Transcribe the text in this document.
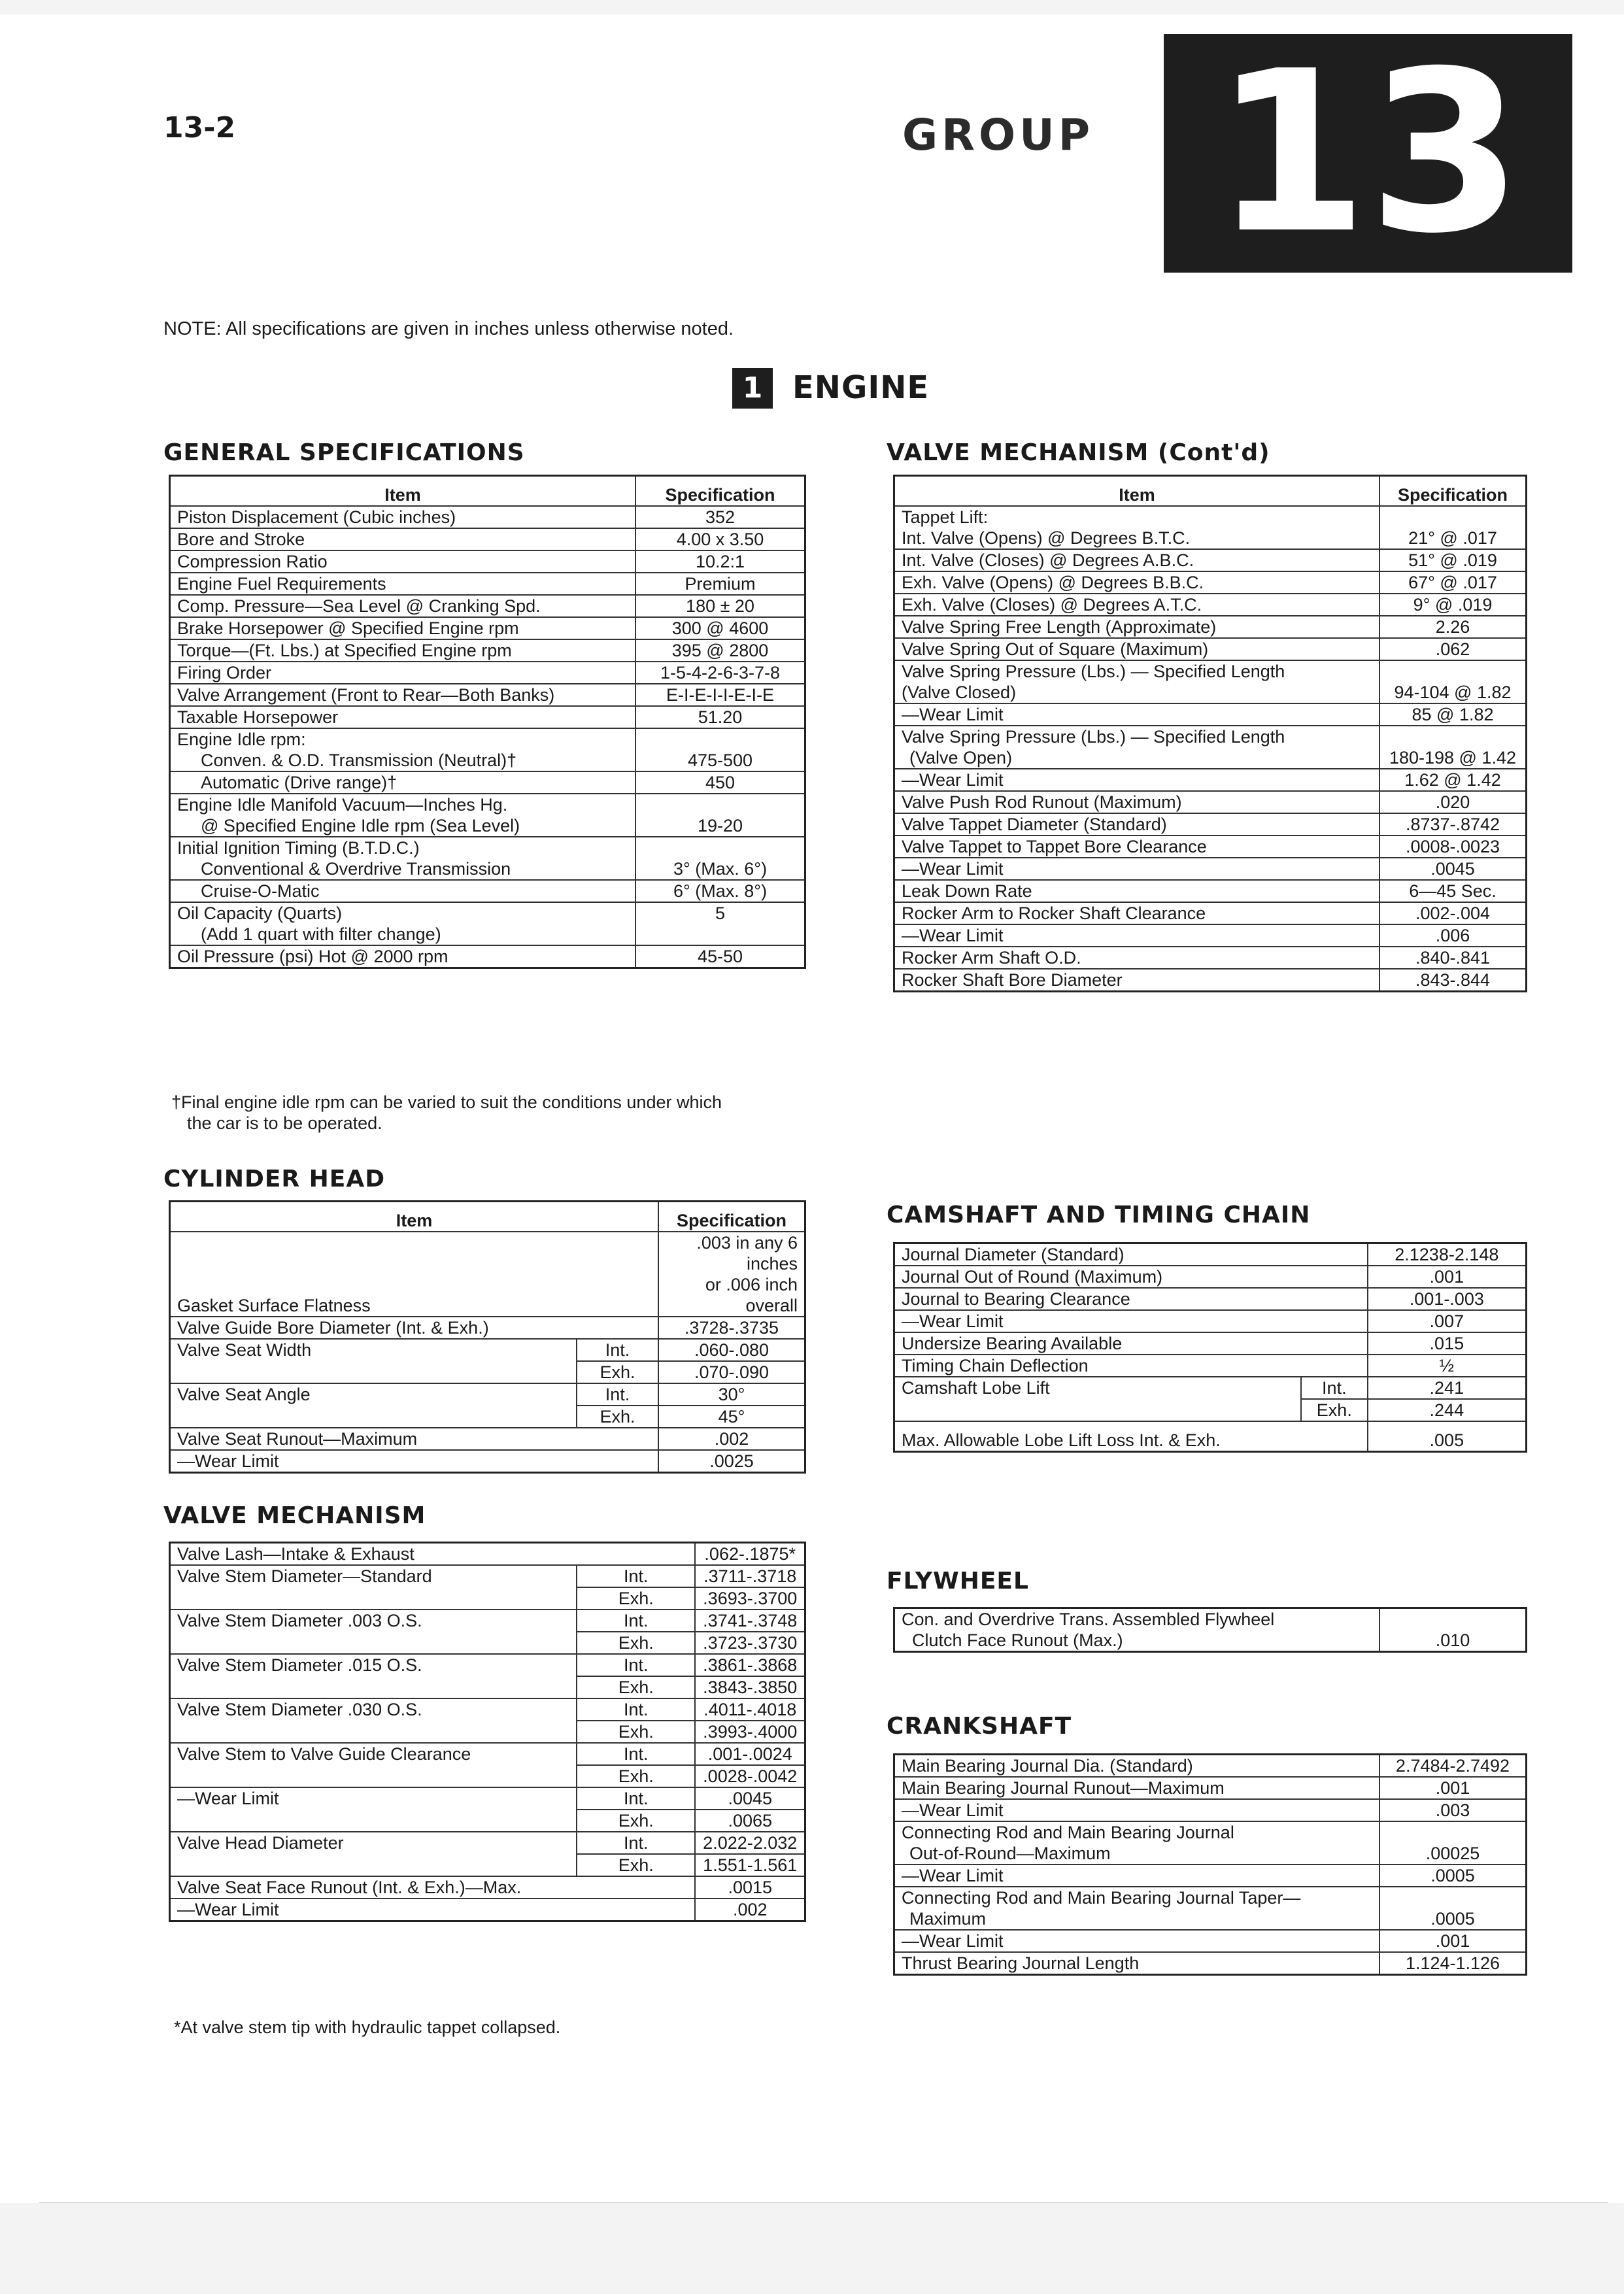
13-2	GROUP 13
NOTE: All specifications are given in inches unless otherwise noted.
1 ENGINE
GENERAL SPECIFICATIONS
Item	Specification
Piston Displacement (Cubic inches)	352
Bore and Stroke	4.00 x 3.50
Compression Ratio	10.2:1
Engine Fuel Requirements	Premium
Comp. Pressure—Sea Level @ Cranking Spd.	180 ± 20
Brake Horsepower @ Specified Engine rpm	300 @ 4600
Torque—(Ft. Lbs.) at Specified Engine rpm	395 @ 2800
Firing Order	1-5-4-2-6-3-7-8
Valve Arrangement (Front to Rear—Both Banks)	E-I-E-I-I-E-I-E
Taxable Horsepower	51.20

Engine Idle rpm:
Conven. & O.D. Transmission (Neutral)†	475-500
Automatic (Drive range)†	450

Engine Idle Manifold Vacuum—Inches Hg.
@ Specified Engine Idle rpm (Sea Level)	19-20

Initial Ignition Timing (B.T.D.C.)
Conventional & Overdrive Transmission	3° (Max. 6°)
Cruise-O-Matic	6° (Max. 8°)

Oil Capacity (Quarts)
(Add 1 quart with filter change)	5
Oil Pressure (psi) Hot @ 2000 rpm	45-50
†Final engine idle rpm can be varied to suit the conditions under which
the car is to be operated.
CYLINDER HEAD
Item		Specification
Gasket Surface Flatness		.003 in any 6 inches
or .006 inch overall

Valve Guide Bore Diameter (Int. & Exh.)		.3728-.3735
Valve Seat Width	Int.	.060-.080
	Exh.	.070-.090
Valve Seat Angle	Int.	30°
	Exh.	45°
Valve Seat Runout—Maximum		.002
—Wear Limit		.0025
VALVE MECHANISM
Valve Lash—Intake & Exhaust		.062-.1875*
Valve Stem Diameter—Standard	Int.	.3711-.3718
	Exh.	.3693-.3700
Valve Stem Diameter .003 O.S.	Int.	.3741-.3748
	Exh.	.3723-.3730
Valve Stem Diameter .015 O.S.	Int.	.3861-.3868
	Exh.	.3843-.3850
Valve Stem Diameter .030 O.S.	Int.	.4011-.4018
	Exh.	.3993-.4000
Valve Stem to Valve Guide Clearance	Int.	.001-.0024
	Exh.	.0028-.0042
—Wear Limit	Int.	.0045
	Exh.	.0065
Valve Head Diameter	Int.	2.022-2.032
	Exh.	1.551-1.561
Valve Seat Face Runout (Int. & Exh.)—Max.		.0015
—Wear Limit		.002
*At valve stem tip with hydraulic tappet collapsed.
VALVE MECHANISM (Cont'd)
Item	Specification

Tappet Lift:
Int. Valve (Opens) @ Degrees B.T.C.	21° @ .017
Int. Valve (Closes) @ Degrees A.B.C.	51° @ .019
Exh. Valve (Opens) @ Degrees B.B.C.	67° @ .017
Exh. Valve (Closes) @ Degrees A.T.C.	9° @ .019
Valve Spring Free Length (Approximate)	2.26
Valve Spring Out of Square (Maximum)	.062

Valve Spring Pressure (Lbs.) — Specified Length
(Valve Closed)	94-104 @ 1.82
—Wear Limit	85 @ 1.82

Valve Spring Pressure (Lbs.) — Specified Length
(Valve Open)	180-198 @ 1.42
—Wear Limit	1.62 @ 1.42
Valve Push Rod Runout (Maximum)	.020
Valve Tappet Diameter (Standard)	.8737-.8742
Valve Tappet to Tappet Bore Clearance	.0008-.0023
—Wear Limit	.0045
Leak Down Rate	6—45 Sec.
Rocker Arm to Rocker Shaft Clearance	.002-.004
—Wear Limit	.006
Rocker Arm Shaft O.D.	.840-.841
Rocker Shaft Bore Diameter	.843-.844
CAMSHAFT AND TIMING CHAIN
Journal Diameter (Standard)		2.1238-2.148
Journal Out of Round (Maximum)		.001
Journal to Bearing Clearance		.001-.003
—Wear Limit		.007
Undersize Bearing Available		.015
Timing Chain Deflection		½
Camshaft Lobe Lift	Int.	.241
	Exh.	.244
Max. Allowable Lobe Lift Loss Int. & Exh.		.005
FLYWHEEL
Con. and Overdrive Trans. Assembled Flywheel
Clutch Face Runout (Max.)	.010
CRANKSHAFT
Main Bearing Journal Dia. (Standard)	2.7484-2.7492
Main Bearing Journal Runout—Maximum	.001
—Wear Limit	.003

Connecting Rod and Main Bearing Journal
Out-of-Round—Maximum	.00025
—Wear Limit	.0005

Connecting Rod and Main Bearing Journal Taper—
Maximum	.0005
—Wear Limit	.001
Thrust Bearing Journal Length	1.124-1.126
